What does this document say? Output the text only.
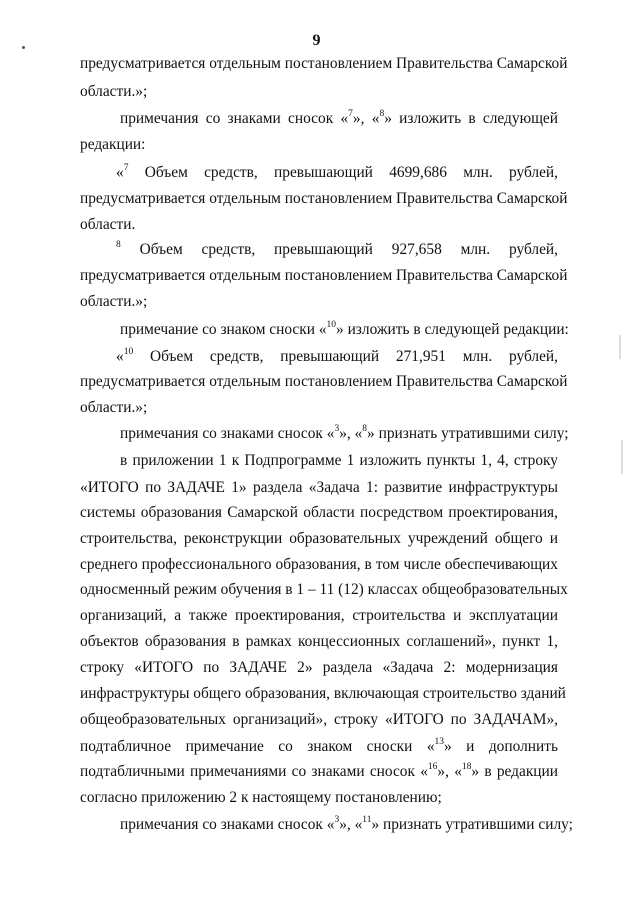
9
предусматривается отдельным постановлением Правительства Самарской
области.»;
примечания со знаками сносок «$^7$», «$^8$» изложить в следующей
редакции:
«$^7$ Объем средств, превышающий 4699,686 млн. рублей,
предусматривается отдельным постановлением Правительства Самарской
области.
$^8$ Объем средств, превышающий 927,658 млн. рублей,
предусматривается отдельным постановлением Правительства Самарской
области.»;
примечание со знаком сноски «$^{10}$» изложить в следующей редакции:
«$^{10}$ Объем средств, превышающий 271,951 млн. рублей,
предусматривается отдельным постановлением Правительства Самарской
области.»;
примечания со знаками сносок «$^3$», «$^8$» признать утратившими силу;
в приложении 1 к Подпрограмме 1 изложить пункты 1, 4, строку
«ИТОГО по ЗАДАЧЕ 1» раздела «Задача 1: развитие инфраструктуры
системы образования Самарской области посредством проектирования,
строительства, реконструкции образовательных учреждений общего и
среднего профессионального образования, в том числе обеспечивающих
односменный режим обучения в 1 – 11 (12) классах общеобразовательных
организаций, а также проектирования, строительства и эксплуатации
объектов образования в рамках концессионных соглашений», пункт 1,
строку «ИТОГО по ЗАДАЧЕ 2» раздела «Задача 2: модернизация
инфраструктуры общего образования, включающая строительство зданий
общеобразовательных организаций», строку «ИТОГО по ЗАДАЧАМ»,
подтабличное примечание со знаком сноски «$^{13}$» и дополнить
подтабличными примечаниями со знаками сносок «$^{16}$», «$^{18}$» в редакции
согласно приложению 2 к настоящему постановлению;
примечания со знаками сносок «$^3$», «$^{11}$» признать утратившими силу;
